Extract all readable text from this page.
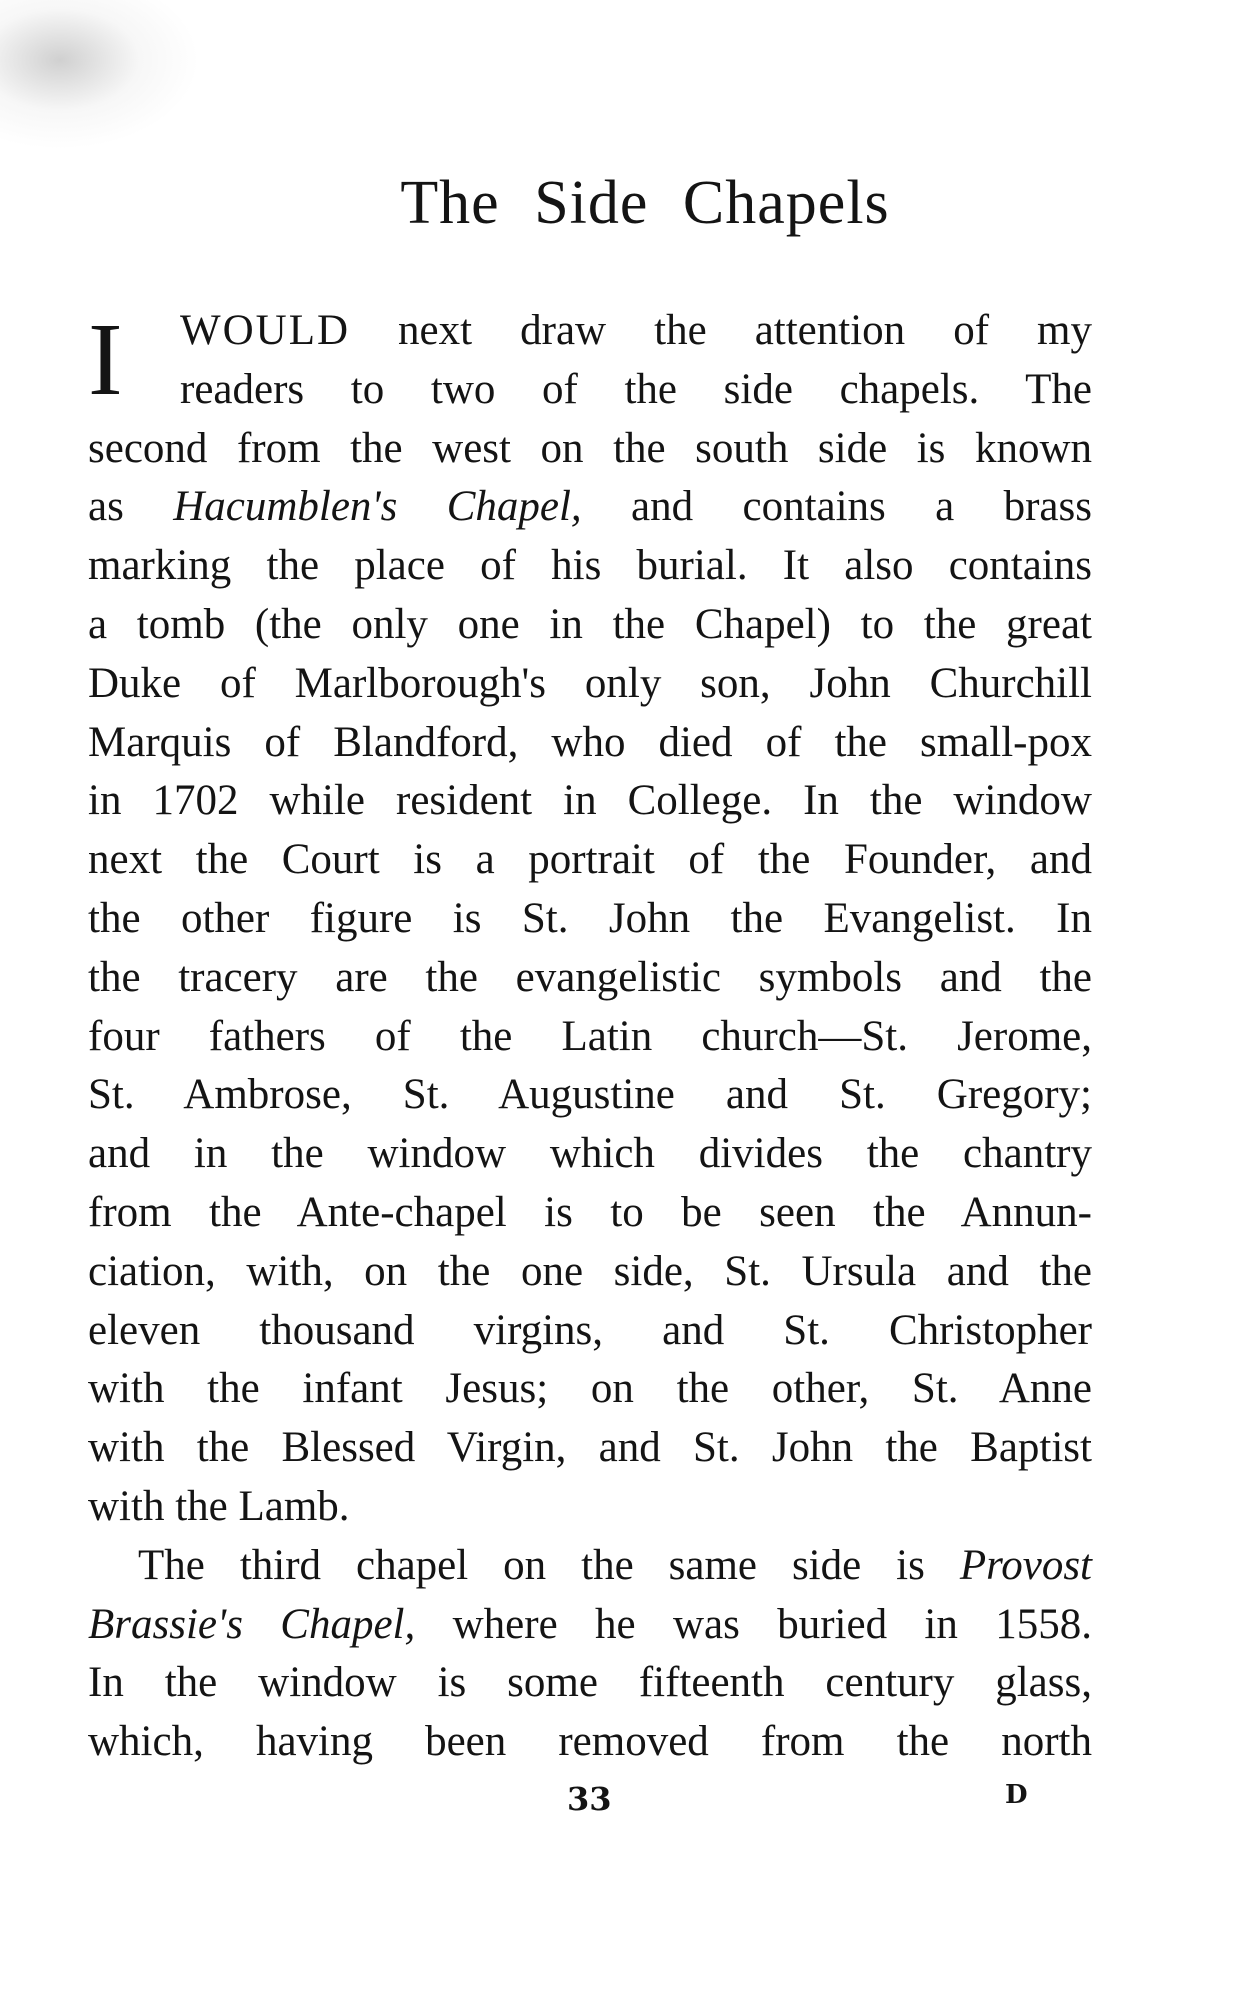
The Side Chapels
I	WOULD next draw the attention of my
readers to two of the side chapels. The
second from the west on the south side is known
as Hacumblen's Chapel, and contains a brass
marking the place of his burial. It also contains
a tomb (the only one in the Chapel) to the great
Duke of Marlborough's only son, John Churchill
Marquis of Blandford, who died of the small-pox
in 1702 while resident in College. In the window
next the Court is a portrait of the Founder, and
the other figure is St. John the Evangelist. In
the tracery are the evangelistic symbols and the
four fathers of the Latin church—St. Jerome,
St. Ambrose, St. Augustine and St. Gregory;
and in the window which divides the chantry
from the Ante-chapel is to be seen the Annun-
ciation, with, on the one side, St. Ursula and the
eleven thousand virgins, and St. Christopher
with the infant Jesus; on the other, St. Anne
with the Blessed Virgin, and St. John the Baptist
with the Lamb.
The third chapel on the same side is Provost
Brassie's Chapel, where he was buried in 1558.
In the window is some fifteenth century glass,
which, having been removed from the north
33	D
